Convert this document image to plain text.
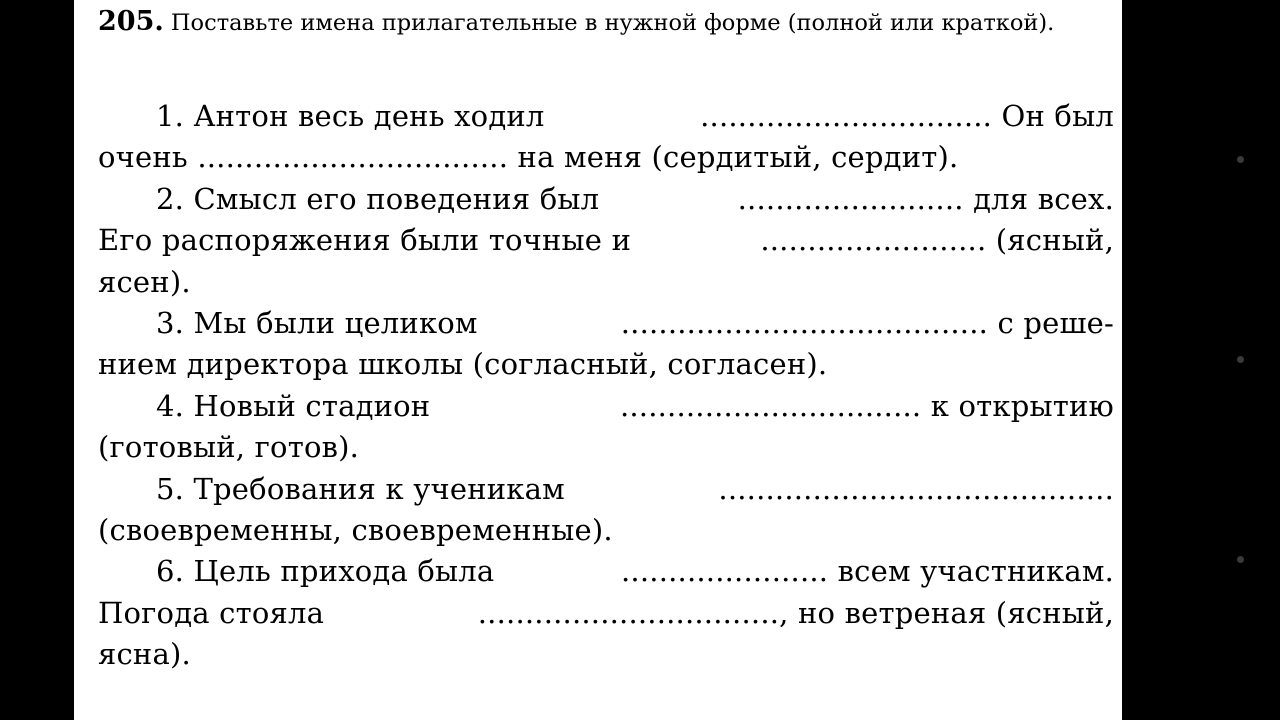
205. Поставьте имена прилагательные в нужной форме (полной или краткой).
1. Антон весь день ходил	............................... Он был
очень ................................. на меня (сердитый, сердит).
2. Смысл его поведения был	........................ для всех.
Его распоряжения были точные и	........................ (ясный,
ясен).
3. Мы были целиком	....................................... с реше-
нием директора школы (согласный, согласен).
4. Новый стадион	................................ к открытию
(готовый, готов).
5. Требования к ученикам	..........................................
(своевременны, своевременные).
6. Цель прихода была	...................... всем участникам.
Погода стояла	................................, но ветреная (ясный,
ясна).
